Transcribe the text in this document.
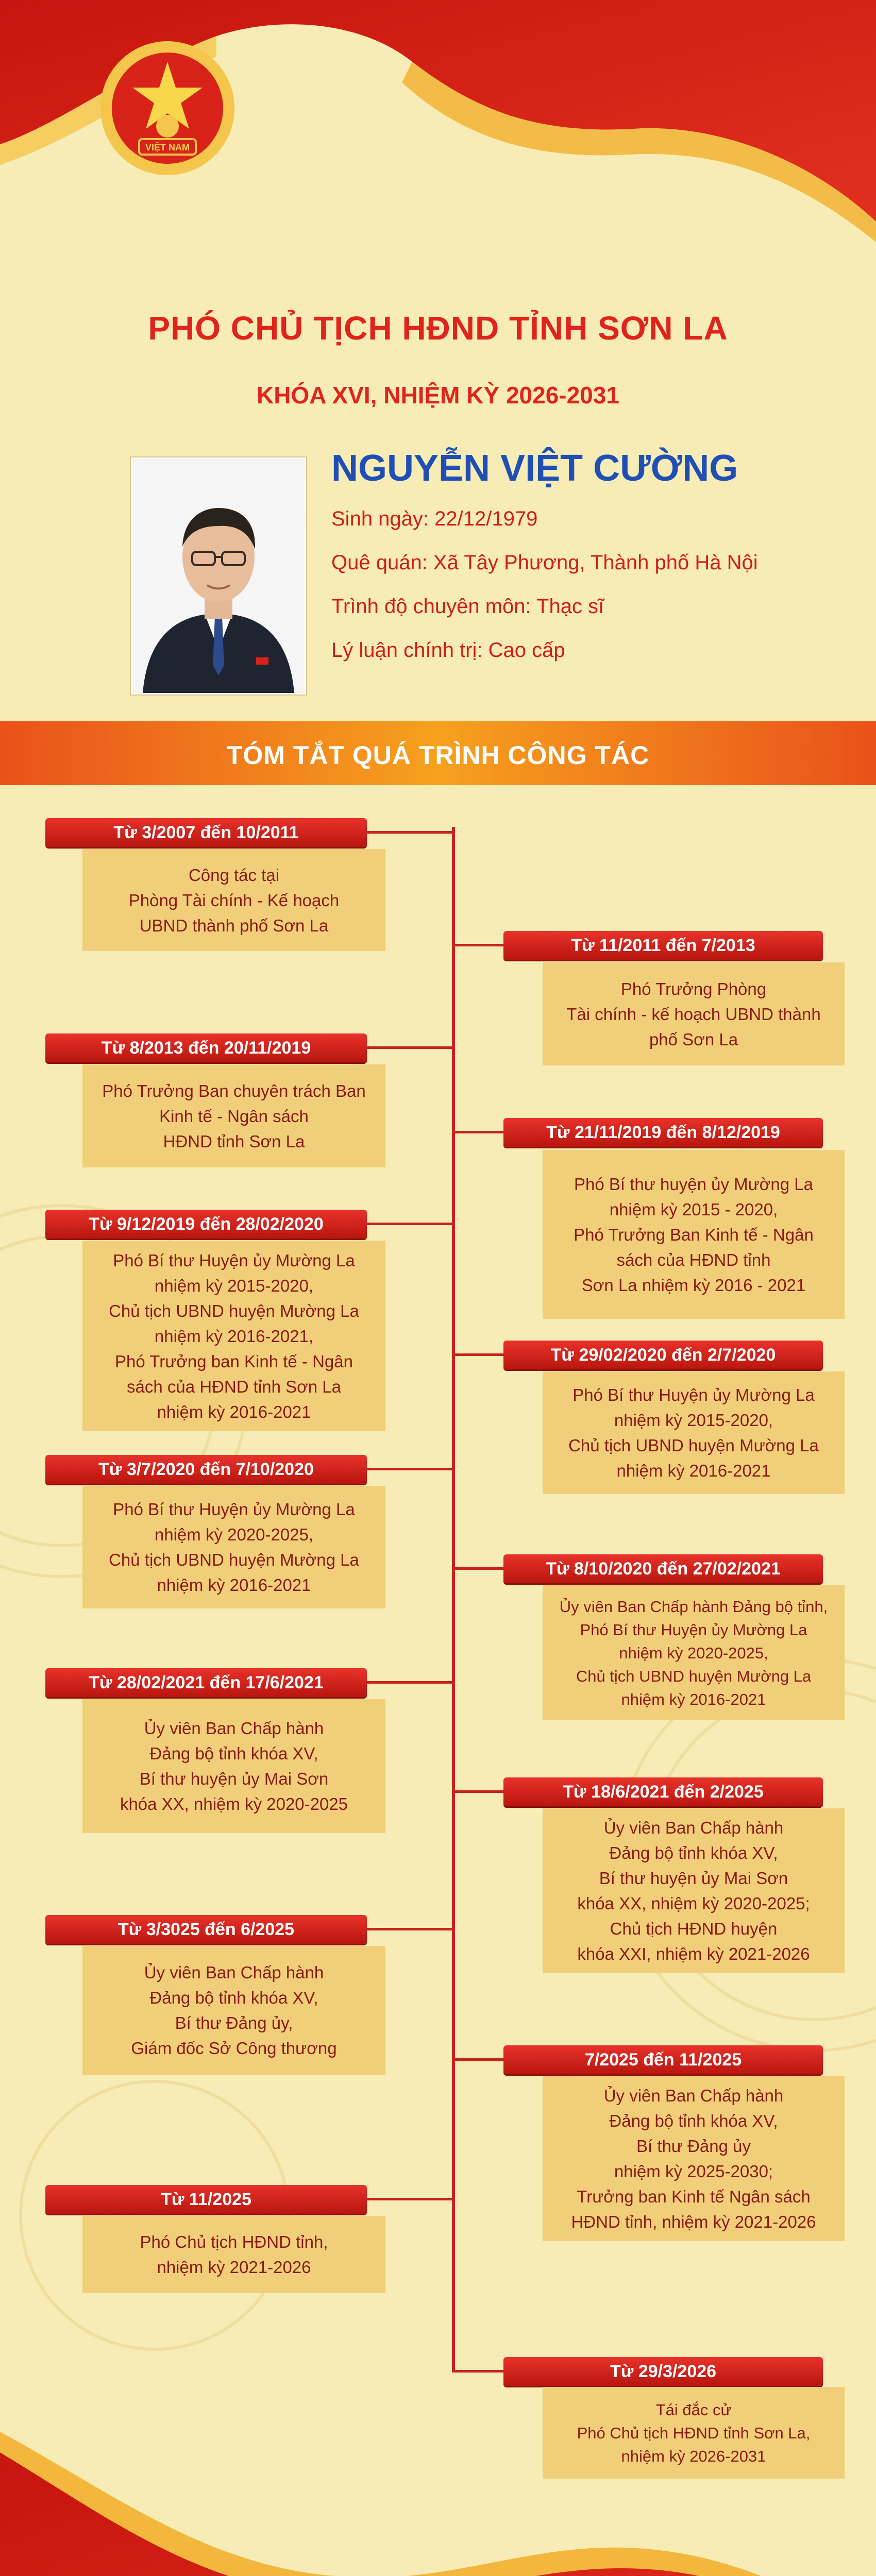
VIỆT NAM
PHÓ CHỦ TỊCH HĐND TỈNH SƠN LA
KHÓA XVI, NHIỆM KỲ 2026-2031
NGUYỄN VIỆT CƯỜNG
Sinh ngày: 22/12/1979
Quê quán: Xã Tây Phương, Thành phố Hà Nội
Trình độ chuyên môn: Thạc sĩ
Lý luận chính trị: Cao cấp
TÓM TẮT QUÁ TRÌNH CÔNG TÁC
Từ 3/2007 đến 10/2011
Công tác tại
Phòng Tài chính - Kế hoạch
UBND thành phố Sơn La
Từ 11/2011 đến 7/2013
Phó Trưởng Phòng
Tài chính - kế hoạch UBND thành
phố Sơn La
Từ 8/2013 đến 20/11/2019
Phó Trưởng Ban chuyên trách Ban
Kinh tế - Ngân sách
HĐND tỉnh Sơn La	Từ 21/11/2019 đến 8/12/2019
Phó Bí thư huyện ủy Mường La
nhiệm kỳ 2015 - 2020,
Phó Trưởng Ban Kinh tế - Ngân
sách của HĐND tỉnh
Sơn La nhiệm kỳ 2016 - 2021
Từ 9/12/2019 đến 28/02/2020
Phó Bí thư Huyện ủy Mường La
nhiệm kỳ 2015-2020,
Chủ tịch UBND huyện Mường La
nhiệm kỳ 2016-2021,
Phó Trưởng ban Kinh tế - Ngân
sách của HĐND tỉnh Sơn La
nhiệm kỳ 2016-2021
Từ 29/02/2020 đến 2/7/2020
Phó Bí thư Huyện ủy Mường La
nhiệm kỳ 2015-2020,
Chủ tịch UBND huyện Mường La
nhiệm kỳ 2016-2021
Từ 3/7/2020 đến 7/10/2020
Phó Bí thư Huyện ủy Mường La
nhiệm kỳ 2020-2025,
Chủ tịch UBND huyện Mường La
nhiệm kỳ 2016-2021
Từ 8/10/2020 đến 27/02/2021
Ủy viên Ban Chấp hành Đảng bộ tỉnh,
Phó Bí thư Huyện ủy Mường La
nhiệm kỳ 2020-2025,
Chủ tịch UBND huyện Mường La
nhiệm kỳ 2016-2021
Từ 28/02/2021 đến 17/6/2021
Ủy viên Ban Chấp hành
Đảng bộ tỉnh khóa XV,
Bí thư huyện ủy Mai Sơn
khóa XX, nhiệm kỳ 2020-2025
Từ 18/6/2021 đến 2/2025
Ủy viên Ban Chấp hành
Đảng bộ tỉnh khóa XV,
Bí thư huyện ủy Mai Sơn
khóa XX, nhiệm kỳ 2020-2025;
Chủ tịch HĐND huyện
khóa XXI, nhiệm kỳ 2021-2026
Từ 3/3025 đến 6/2025
Ủy viên Ban Chấp hành
Đảng bộ tỉnh khóa XV,
Bí thư Đảng ủy,
Giám đốc Sở Công thương
7/2025 đến 11/2025
Ủy viên Ban Chấp hành
Đảng bộ tỉnh khóa XV,
Bí thư Đảng ủy
nhiệm kỳ 2025-2030;
Trưởng ban Kinh tế Ngân sách
HĐND tỉnh, nhiệm kỳ 2021-2026
Từ 11/2025
Phó Chủ tịch HĐND tỉnh,
nhiệm kỳ 2021-2026
Từ 29/3/2026
Tái đắc cử
Phó Chủ tịch HĐND tỉnh Sơn La,
nhiệm kỳ 2026-2031
